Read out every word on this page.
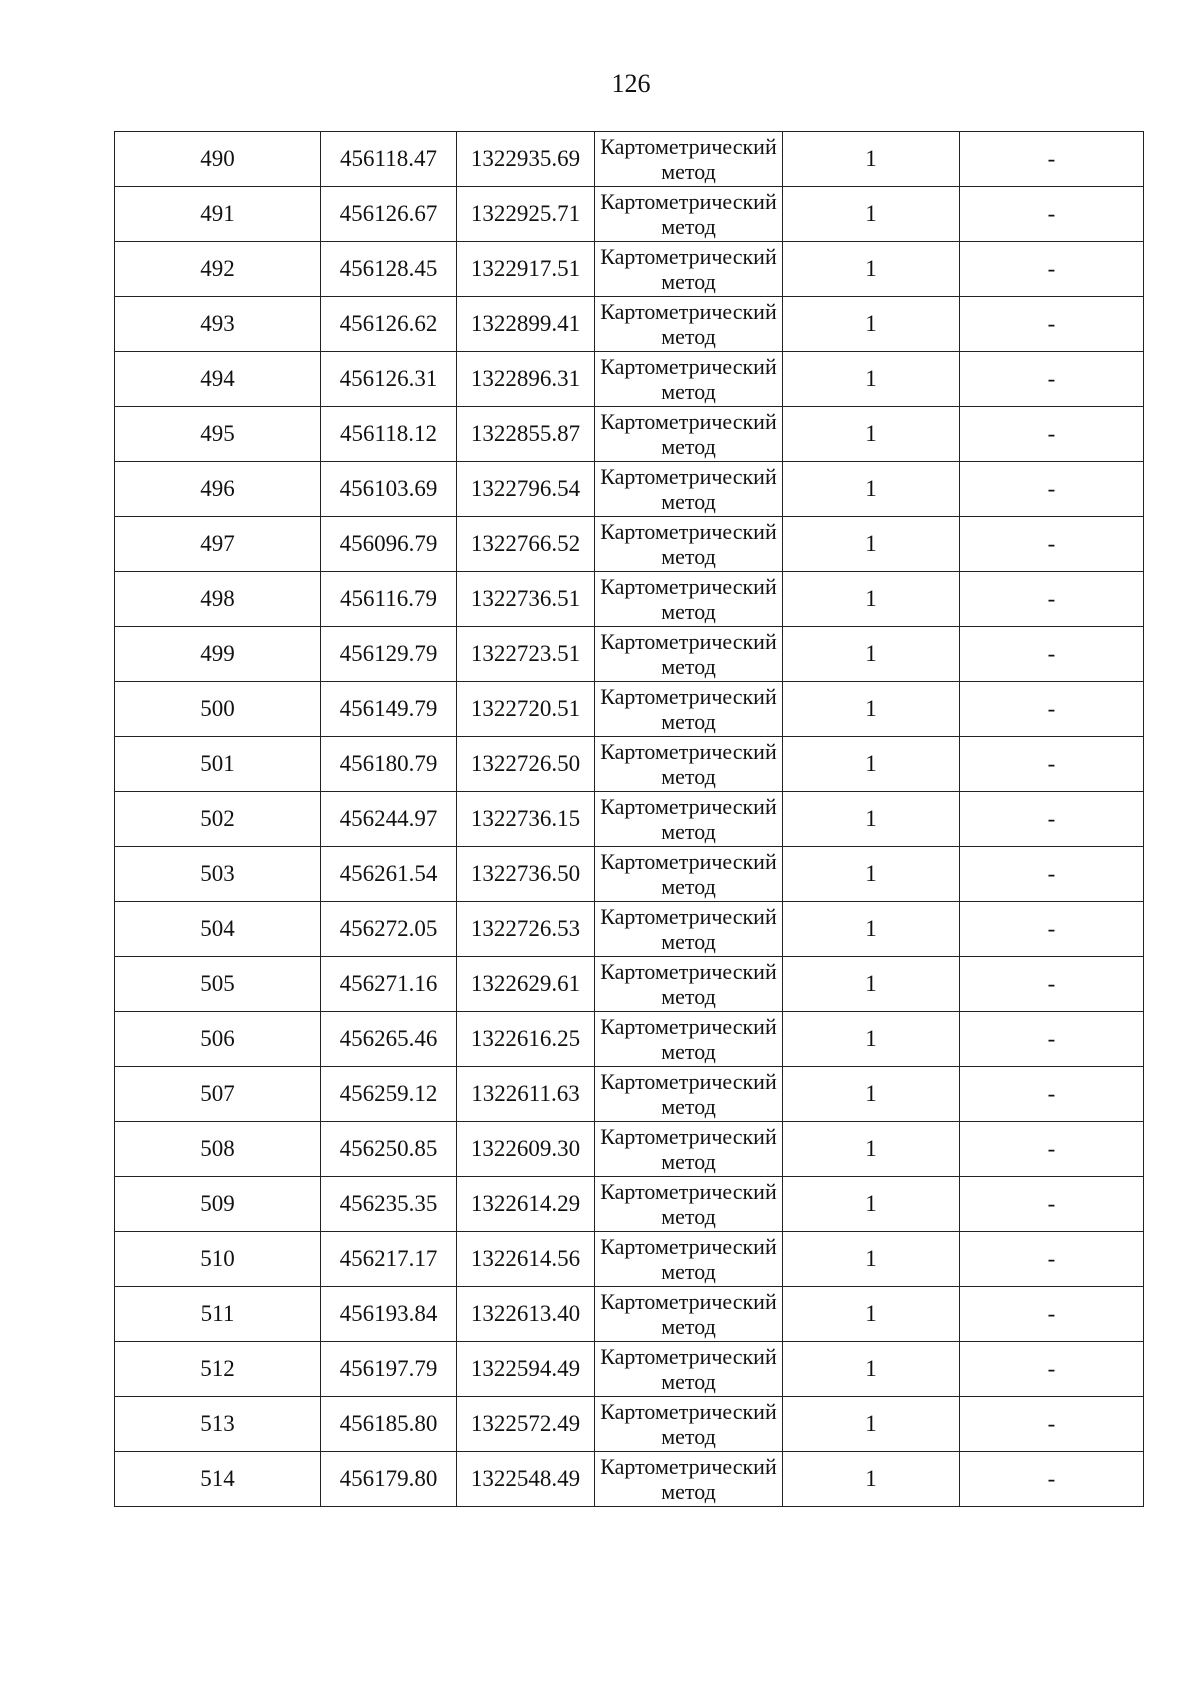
126
490	456118.47	1322935.69	Картометрический метод	1	-
491	456126.67	1322925.71	Картометрический метод	1	-
492	456128.45	1322917.51	Картометрический метод	1	-
493	456126.62	1322899.41	Картометрический метод	1	-
494	456126.31	1322896.31	Картометрический метод	1	-
495	456118.12	1322855.87	Картометрический метод	1	-
496	456103.69	1322796.54	Картометрический метод	1	-
497	456096.79	1322766.52	Картометрический метод	1	-
498	456116.79	1322736.51	Картометрический метод	1	-
499	456129.79	1322723.51	Картометрический метод	1	-
500	456149.79	1322720.51	Картометрический метод	1	-
501	456180.79	1322726.50	Картометрический метод	1	-
502	456244.97	1322736.15	Картометрический метод	1	-
503	456261.54	1322736.50	Картометрический метод	1	-
504	456272.05	1322726.53	Картометрический метод	1	-
505	456271.16	1322629.61	Картометрический метод	1	-
506	456265.46	1322616.25	Картометрический метод	1	-
507	456259.12	1322611.63	Картометрический метод	1	-
508	456250.85	1322609.30	Картометрический метод	1	-
509	456235.35	1322614.29	Картометрический метод	1	-
510	456217.17	1322614.56	Картометрический метод	1	-
511	456193.84	1322613.40	Картометрический метод	1	-
512	456197.79	1322594.49	Картометрический метод	1	-
513	456185.80	1322572.49	Картометрический метод	1	-
514	456179.80	1322548.49	Картометрический метод	1	-
